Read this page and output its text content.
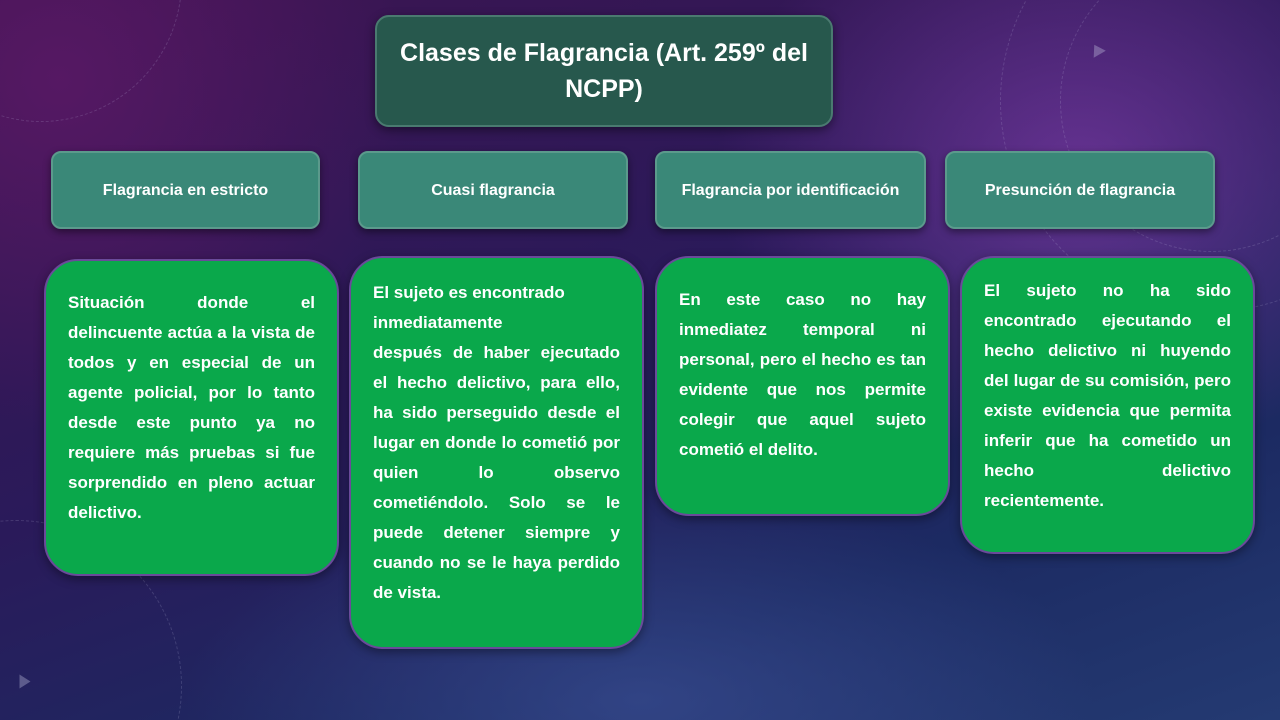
Clases de Flagrancia (Art. 259º del NCPP)
Flagrancia en estricto	Cuasi flagrancia	Flagrancia por identificación	Presunción de flagrancia
Situación donde el delincuente actúa a la vista de todos y en especial de un agente policial, por lo tanto desde este punto ya no requiere más pruebas si fue sorprendido en pleno actuar delictivo.
El sujeto es encontrado inmediatamente
después de haber ejecutado el hecho delictivo, para ello, ha sido perseguido desde el lugar en donde lo cometió por quien lo observo cometiéndolo. Solo se le puede detener siempre y cuando no se le haya perdido de vista.
En este caso no hay inmediatez temporal ni personal, pero el hecho es tan evidente que nos permite colegir que aquel sujeto cometió el delito.
El sujeto no ha sido encontrado ejecutando el hecho delictivo ni huyendo del lugar de su comisión, pero existe evidencia que permita inferir que ha cometido un hecho delictivo recientemente.
